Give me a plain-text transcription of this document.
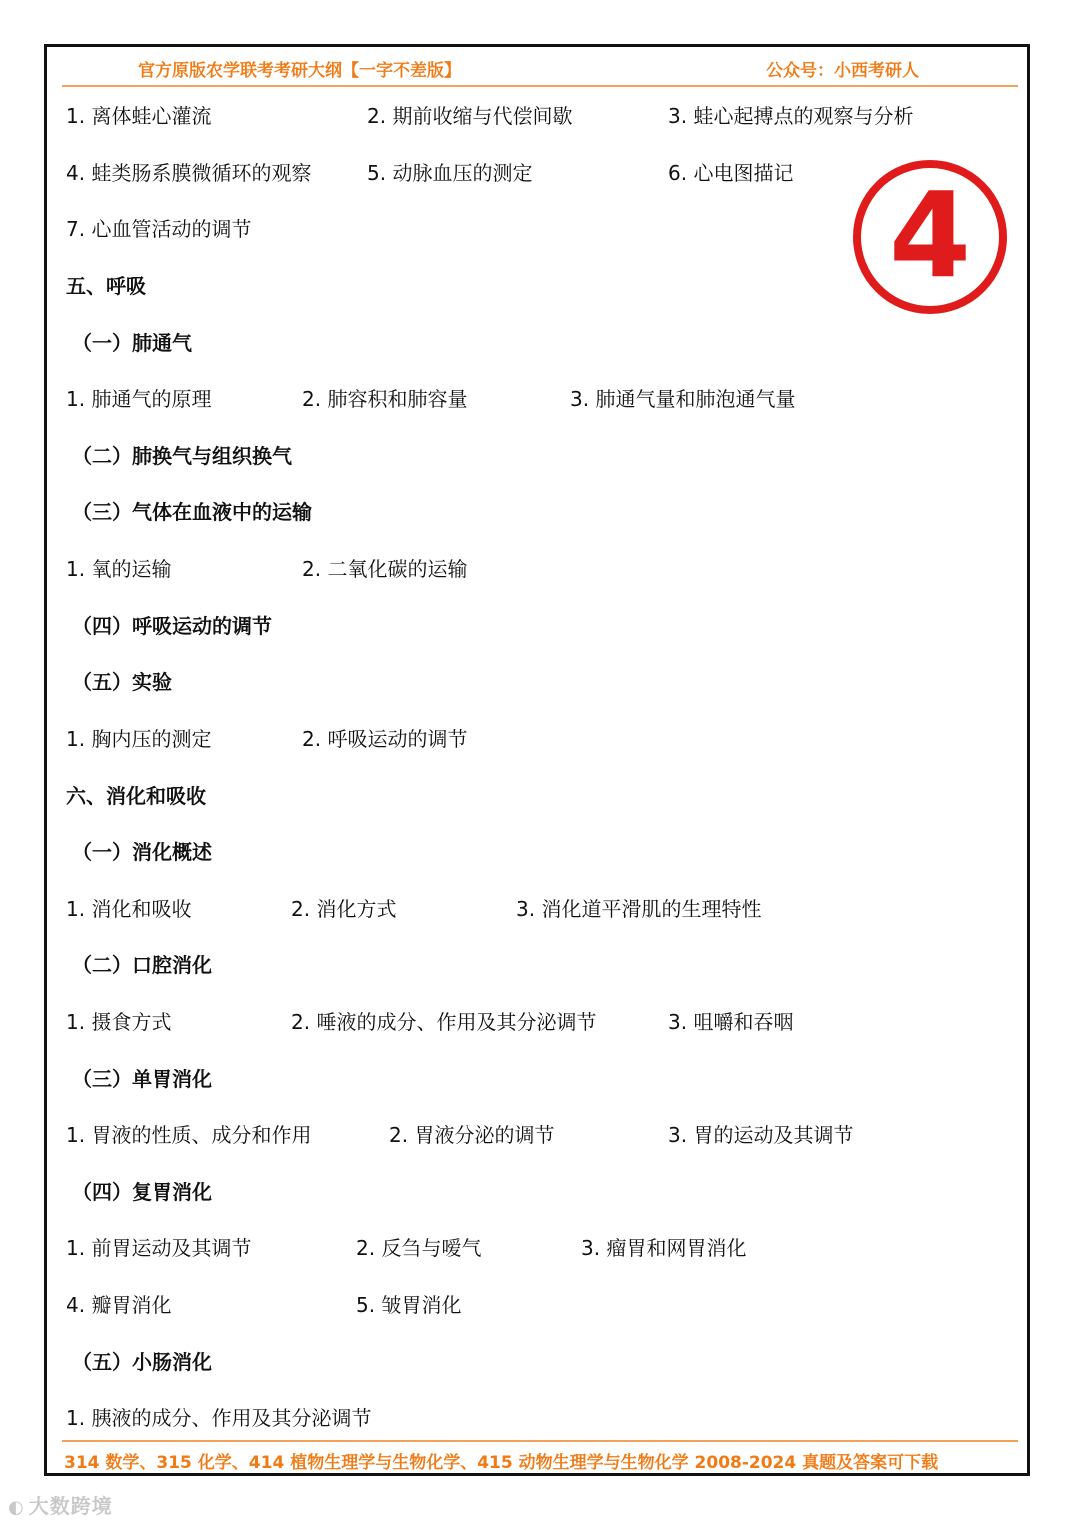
官方原版农学联考考研大纲【一字不差版】	公众号：小西考研人
4
1. 离体蛙心灌流	2. 期前收缩与代偿间歇	3. 蛙心起搏点的观察与分析
4. 蛙类肠系膜微循环的观察	5. 动脉血压的测定	6. 心电图描记
7. 心血管活动的调节
五、呼吸
（一）肺通气
1. 肺通气的原理	2. 肺容积和肺容量	3. 肺通气量和肺泡通气量
（二）肺换气与组织换气
（三）气体在血液中的运输
1. 氧的运输	2. 二氧化碳的运输
（四）呼吸运动的调节
（五）实验
1. 胸内压的测定	2. 呼吸运动的调节
六、消化和吸收
（一）消化概述
1. 消化和吸收	2. 消化方式	3. 消化道平滑肌的生理特性
（二）口腔消化
1. 摄食方式	2. 唾液的成分、作用及其分泌调节	3. 咀嚼和吞咽
（三）单胃消化
1. 胃液的性质、成分和作用	2. 胃液分泌的调节	3. 胃的运动及其调节
（四）复胃消化
1. 前胃运动及其调节	2. 反刍与嗳气	3. 瘤胃和网胃消化
4. 瓣胃消化	5. 皱胃消化
（五）小肠消化
1. 胰液的成分、作用及其分泌调节
314 数学、315 化学、414 植物生理学与生物化学、415 动物生理学与生物化学 2008-2024 真题及答案可下载
◐ 大数跨境
